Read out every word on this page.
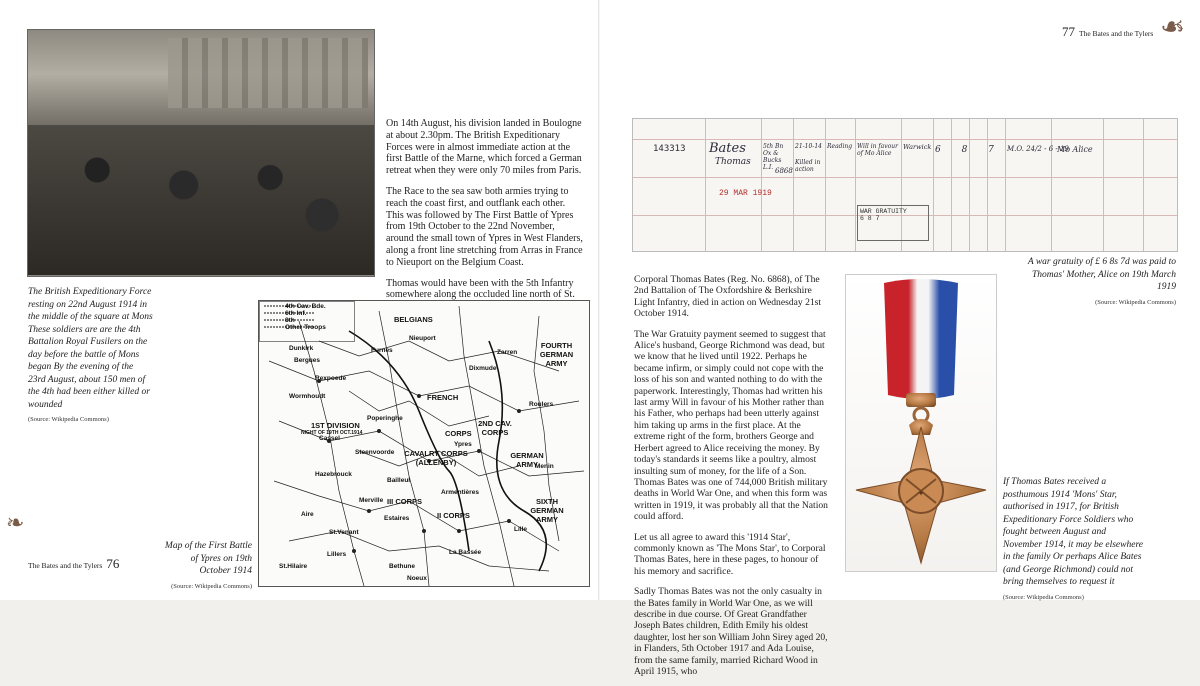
The British Expeditionary Force resting on 22nd August 1914 in the middle of the square at Mons These soldiers are are the 4th Battalion Royal Fusilers on the day before the battle of Mons began By the evening of the 23rd August, about 150 men of the 4th had been either killed or wounded
(Source: Wikipedia Commons)

On 14th August, his division landed in Boulogne at about 2.30pm. The British Expeditionary Forces were in almost immediate action at the first Battle of the Marne, which forced a German retreat when they were only 70 miles from Paris.

The Race to the sea saw both armies trying to reach the coast first, and outflank each other. This was followed by The First Battle of Ypres from 19th October to the 22nd November, around the small town of Ypres in West Flanders, along a front line stretching from Arras in France to Nieuport on the Belgium Coast.

Thomas would have been with the 5th Infantry somewhere along the occluded line north of St.

4th Cav. Bde.
6th Inf.
8th
Other Troops
BELGIANS
FRENCH
FOURTH GERMAN ARMY
1ST DIVISION
NIGHT OF 19TH OCT.1914
CAVALRY CORPS (ALLENBY)
2ND CAV. CORPS
III CORPS
II CORPS
SIXTH GERMAN ARMY
CORPS
GERMAN ARMY
Cassel
Poperinghe
Hazebrouck
St.Venant
Estaires
Lille
Bethune
Bergues
Dunkirk
Dixmude
Roulers
Ypres
Menin
Armentières
La Bassée
Aire
St.Hilaire
Noeux
Zarren
Nieuport
Furnes
Wormhoudt
Rexpoede
Steenvoorde
Bailleul
Merville
Lillers
Map of the First Battle of Ypres on 19th October 1914
(Source: Wikipedia Commons)
❧
The Bates and the Tylers 76
77 The Bates and the Tylers ❧
143313 Bates
Thomas
5th Bn Ox & Bucks L.I. 6868
21-10-14
Killed in action
Reading Will in favour of Mo Alice
Warwick 6 8 7 M.O. 24/2 - 6 - 19
Mo Alice
29 MAR 1919
WAR GRATUITY
6 8 7
A war gratuity of £ 6 8s 7d was paid to Thomas' Mother, Alice on 19th March 1919
(Source: Wikipedia Commons)

Corporal Thomas Bates (Reg. No. 6868), of The 2nd Battalion of The Oxfordshire & Berkshire Light Infantry, died in action on Wednesday 21st October 1914.

The War Gratuity payment seemed to suggest that Alice's husband, George Richmond was dead, but we know that he lived until 1922. Perhaps he became infirm, or simply could not cope with the loss of his son and wanted nothing to do with the paperwork. Interestingly, Thomas had written his last army Will in favour of his Mother rather than his Father, who perhaps had been utterly against him taking up arms in the first place. At the extreme right of the form, brothers George and Herbert agreed to Alice receiving the money. By today's standards it seems like a poultry, almost insulting sum of money, for the life of a Son. Thomas Bates was one of 744,000 British military deaths in World War One, and when this form was written in 1919, it was probably all that the Nation could afford.

Let us all agree to award this '1914 Star', commonly known as 'The Mons Star', to Corporal Thomas Bates, here in these pages, to honour of his memory and sacrifice.

Sadly Thomas Bates was not the only casualty in the Bates family in World War One, as we will describe in due course. Of Great Grandfather Joseph Bates children, Edith Emily his oldest daughter, lost her son William John Sirey aged 20, in Flanders, 5th October 1917 and Ada Louise, from the same family, married Richard Wood in April 1915, who

✦
If Thomas Bates received a posthumous 1914 'Mons' Star, authorised in 1917, for British Expeditionary Force Soldiers who fought between August and November 1914, it may be elsewhere in the family Or perhaps Alice Bates (and George Richmond) could not bring themselves to request it
(Source: Wikipedia Commons)
